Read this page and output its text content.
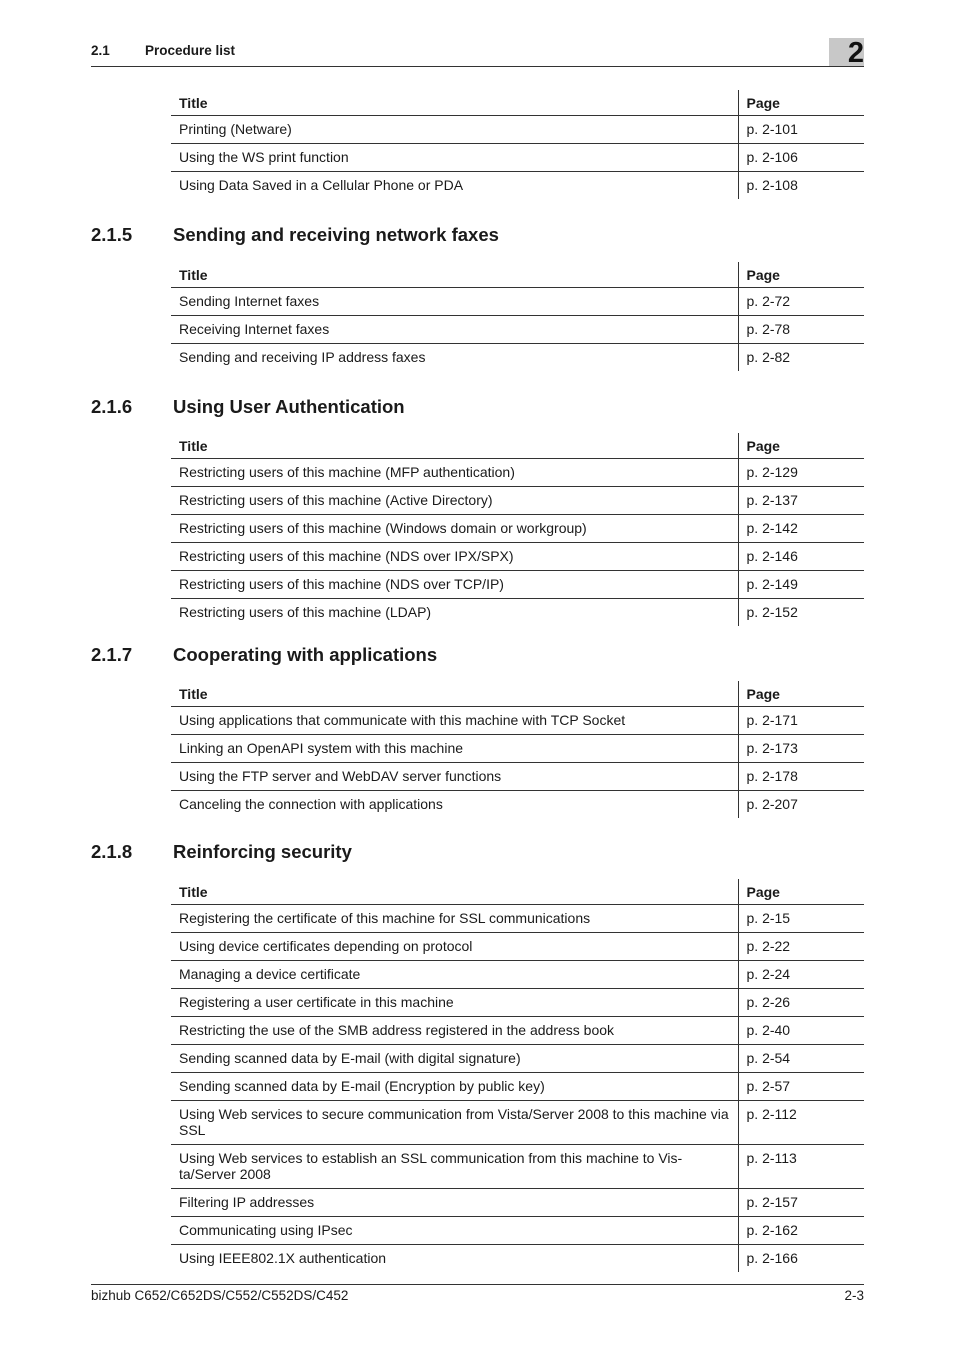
2.1	Procedure list	2
Title	Page
Printing (Netware)	p. 2-101
Using the WS print function	p. 2-106
Using Data Saved in a Cellular Phone or PDA	p. 2-108
2.1.5 Sending and receiving network faxes
Title	Page
Sending Internet faxes	p. 2-72
Receiving Internet faxes	p. 2-78
Sending and receiving IP address faxes	p. 2-82
2.1.6 Using User Authentication
Title	Page
Restricting users of this machine (MFP authentication)	p. 2-129
Restricting users of this machine (Active Directory)	p. 2-137
Restricting users of this machine (Windows domain or workgroup)	p. 2-142
Restricting users of this machine (NDS over IPX/SPX)	p. 2-146
Restricting users of this machine (NDS over TCP/IP)	p. 2-149
Restricting users of this machine (LDAP)	p. 2-152
2.1.7 Cooperating with applications
Title	Page
Using applications that communicate with this machine with TCP Socket	p. 2-171
Linking an OpenAPI system with this machine	p. 2-173
Using the FTP server and WebDAV server functions	p. 2-178
Canceling the connection with applications	p. 2-207
2.1.8 Reinforcing security
Title	Page
Registering the certificate of this machine for SSL communications	p. 2-15
Using device certificates depending on protocol	p. 2-22
Managing a device certificate	p. 2-24
Registering a user certificate in this machine	p. 2-26
Restricting the use of the SMB address registered in the address book	p. 2-40
Sending scanned data by E-mail (with digital signature)	p. 2-54
Sending scanned data by E-mail (Encryption by public key)	p. 2-57
Using Web services to secure communication from Vista/Server 2008 to this machine via SSL	p. 2-112
Using Web services to establish an SSL communication from this machine to Vis-ta/Server 2008	p. 2-113
Filtering IP addresses	p. 2-157
Communicating using IPsec	p. 2-162
Using IEEE802.1X authentication	p. 2-166
bizhub C652/C652DS/C552/C552DS/C452	2-3
